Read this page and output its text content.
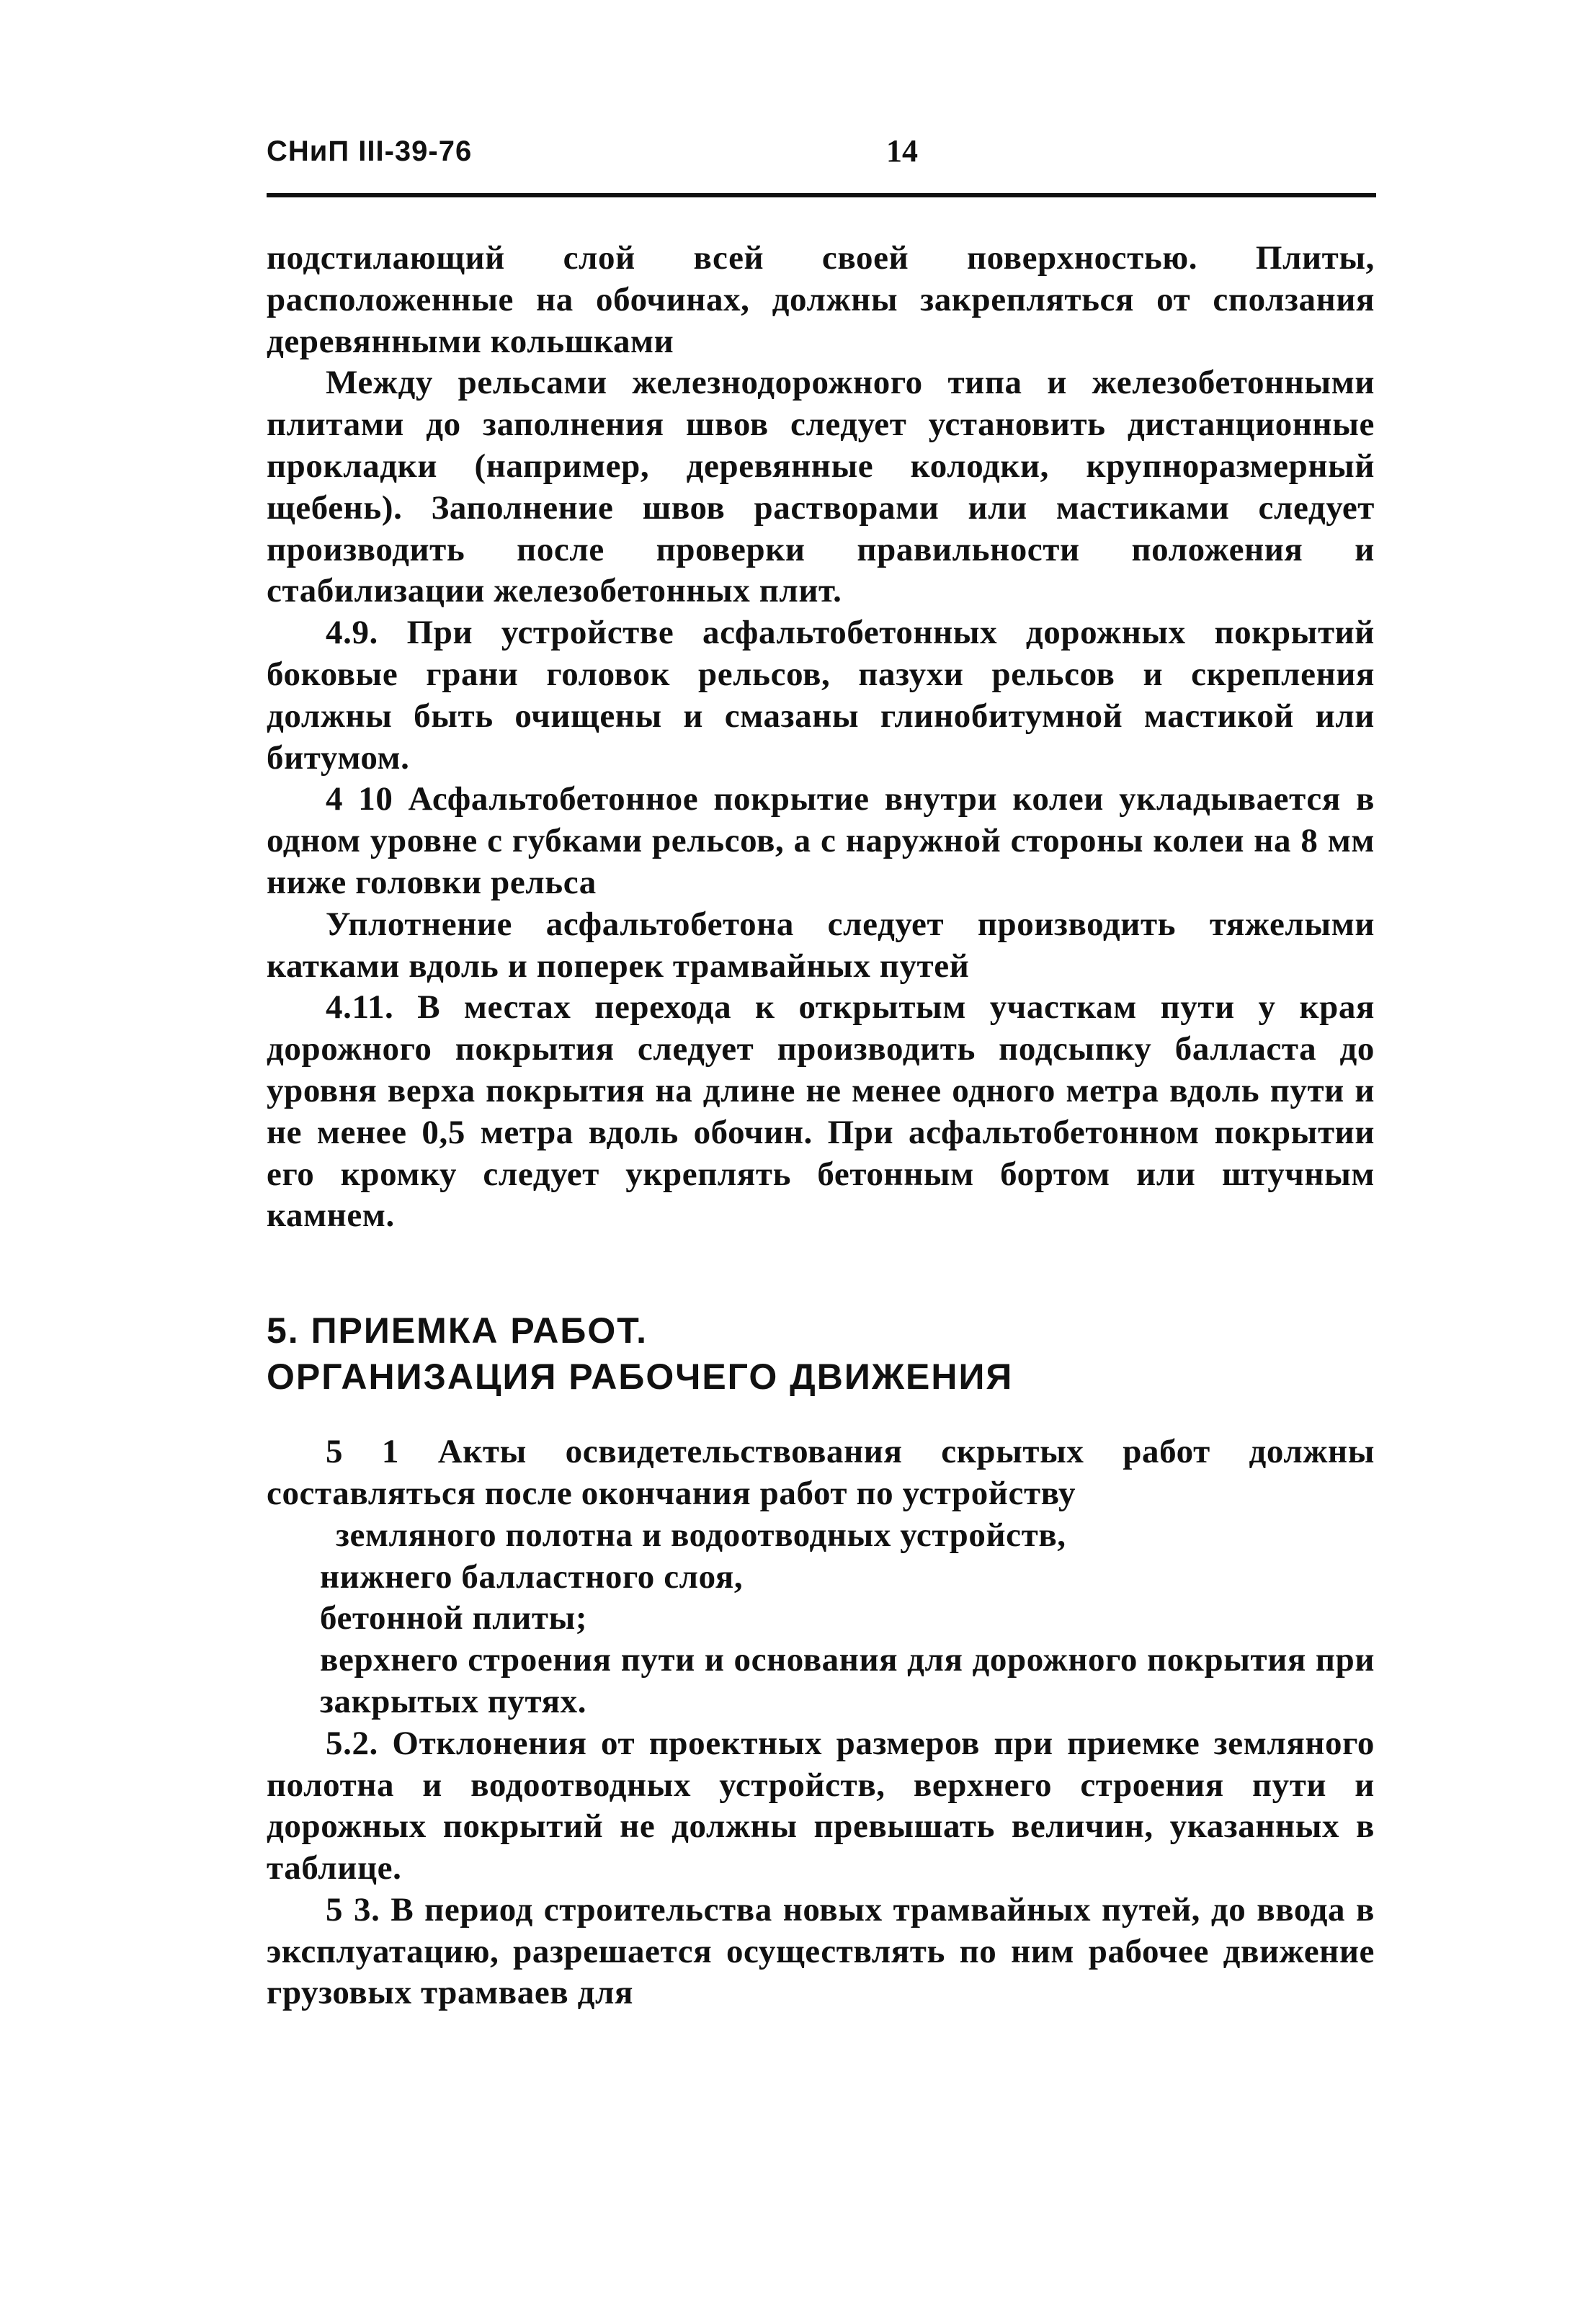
СНиП III-39-76	14

подстилающий слой всей своей поверхностью. Плиты, расположенные на обочинах, должны закрепляться от сползания деревянными кольшками

Между рельсами железнодорожного типа и железобетонными плитами до заполнения швов следует установить дистанционные прокладки (например, деревянные колодки, крупноразмерный щебень). Заполнение швов растворами или мастиками следует производить после проверки правильности положения и стабилизации железобетонных плит.

4.9. При устройстве асфальтобетонных дорожных покрытий боковые грани головок рельсов, пазухи рельсов и скрепления должны быть очищены и смазаны глинобитумной мастикой или битумом.

4 10 Асфальтобетонное покрытие внутри колеи укладывается в одном уровне с губками рельсов, а с наружной стороны колеи на 8 мм ниже головки рельса

Уплотнение асфальтобетона следует производить тяжелыми катками вдоль и поперек трамвайных путей

4.11. В местах перехода к открытым участкам пути у края дорожного покрытия следует производить подсыпку балласта до уровня верха покрытия на длине не менее одного метра вдоль пути и не менее 0,5 метра вдоль обочин. При асфальтобетонном покрытии его кромку следует укреплять бетонным бортом или штучным камнем.

5. ПРИЕМКА РАБОТ.

ОРГАНИЗАЦИЯ РАБОЧЕГО ДВИЖЕНИЯ

5 1 Акты освидетельствования скрытых работ должны составляться после окончания работ по устройству

земляного полотна и водоотводных устройств,

нижнего балластного слоя,

бетонной плиты;

верхнего строения пути и основания для дорожного покрытия при закрытых путях.

5.2. Отклонения от проектных размеров при приемке земляного полотна и водоотводных устройств, верхнего строения пути и дорожных покрытий не должны превышать величин, указанных в таблице.

5 3. В период строительства новых трамвайных путей, до ввода в эксплуатацию, разрешается осуществлять по ним рабочее движение грузовых трамваев для
